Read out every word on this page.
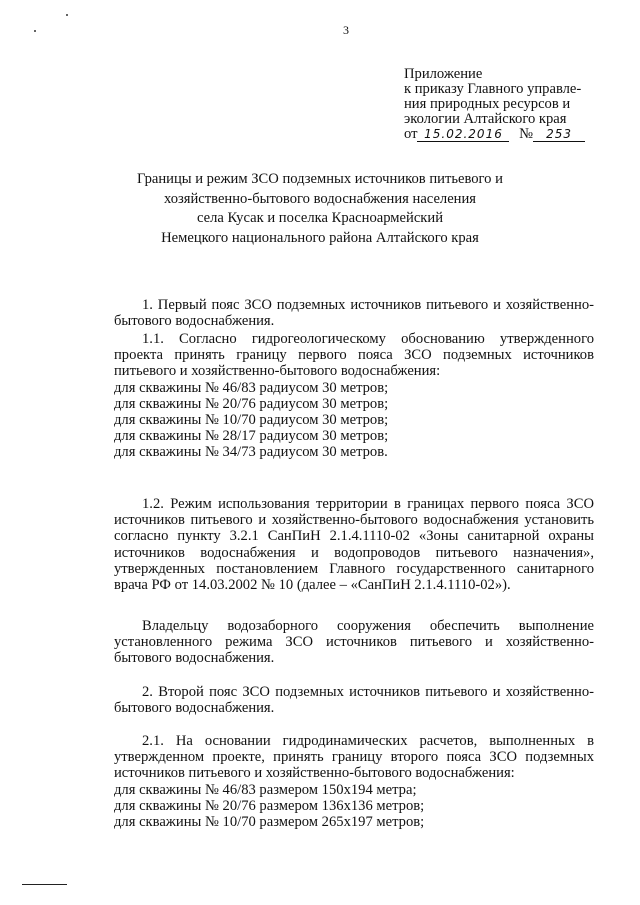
3
Приложение
к приказу Главного управле-
ния природных ресурсов и
экологии Алтайского края
от 15.02.2016 № 253
Границы и режим ЗСО подземных источников питьевого и
хозяйственно-бытового водоснабжения населения
села Кусак и поселка Красноармейский
Немецкого национального района Алтайского края

1. Первый пояс ЗСО подземных источников питьевого и хозяйственно-бытового водоснабжения.

1.1. Согласно гидрогеологическому обоснованию утвержденного проекта принять границу первого пояса ЗСО подземных источников питьевого и хозяйственно-бытового водоснабжения:
для скважины № 46/83 радиусом 30 метров;
для скважины № 20/76 радиусом 30 метров;
для скважины № 10/70 радиусом 30 метров;
для скважины № 28/17 радиусом 30 метров;
для скважины № 34/73 радиусом 30 метров.
1.2. Режим использования территории в границах первого пояса ЗСО источников питьевого и хозяйственно-бытового водоснабжения установить согласно пункту 3.2.1 СанПиН 2.1.4.1110-02 «Зоны санитарной охраны источников водоснабжения и водопроводов питьевого назначения», утвержденных постановлением Главного государственного санитарного врача РФ от 14.03.2002 № 10 (далее – «СанПиН 2.1.4.1110-02»).
Владельцу водозаборного сооружения обеспечить выполнение установленного режима ЗСО источников питьевого и хозяйственно-бытового водоснабжения.
2. Второй пояс ЗСО подземных источников питьевого и хозяйственно-бытового водоснабжения.
2.1. На основании гидродинамических расчетов, выполненных в утвержденном проекте, принять границу второго пояса ЗСО подземных источников питьевого и хозяйственно-бытового водоснабжения:
для скважины № 46/83 размером 150x194 метра;
для скважины № 20/76 размером 136x136 метров;
для скважины № 10/70 размером 265x197 метров;
